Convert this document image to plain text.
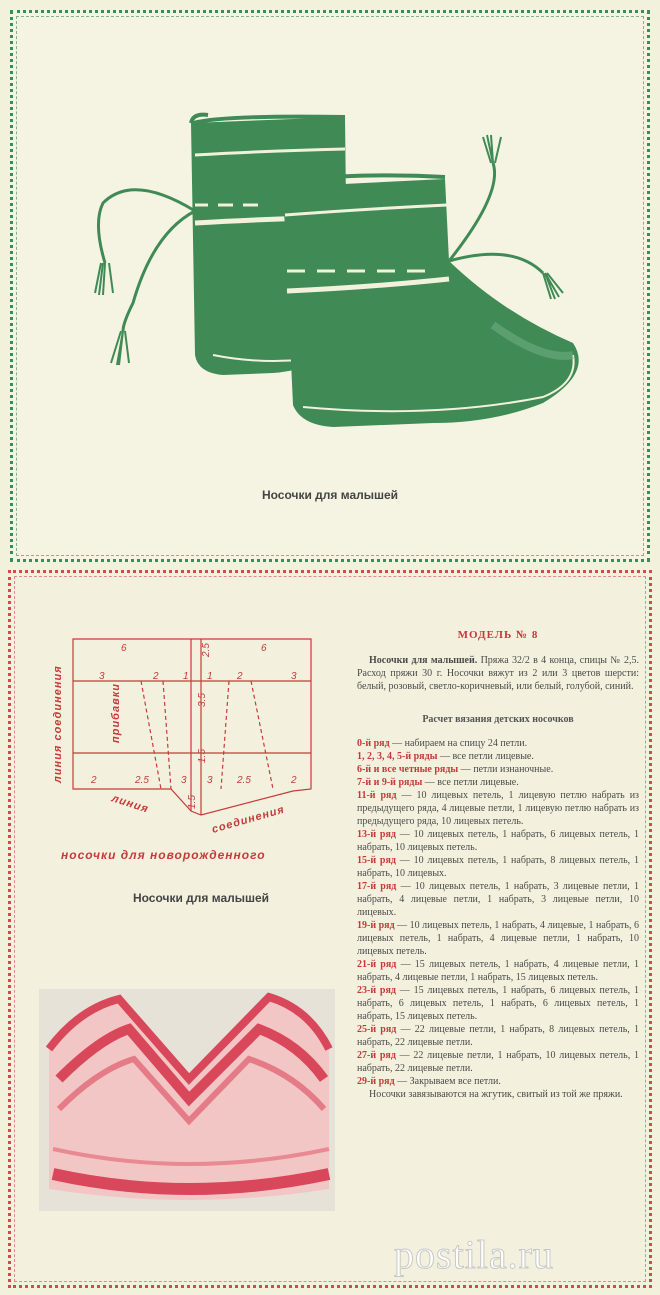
Носочки для малышей
6	2.5	6
3	2 1 1 2	3
3.5
1.5
1.5
2	2.5	3 3 2.5	2
линия соединения	прибавки
линия	соединения
носочки для новорожденного
Носочки для малышей
МОДЕЛЬ № 8

Носочки для малышей. Пряжа 32/2 в 4 конца, спицы № 2,5. Расход пряжи 30 г. Носочки вяжут из 2 или 3 цветов шерсти: белый, розовый, светло-коричневый, или белый, голубой, синий.

Расчет вязания детских носочков

0-й ряд — набираем на спицу 24 петли.

1, 2, 3, 4, 5-й ряды — все петли лицевые.

6-й и все четные ряды — петли изнаночные.

7-й и 9-й ряды — все петли лицевые.

11-й ряд — 10 лицевых петель, 1 лицевую петлю набрать из предыдущего ряда, 4 лицевые петли, 1 лицевую петлю набрать из предыдущего ряда, 10 лицевых петель.

13-й ряд — 10 лицевых петель, 1 набрать, 6 лицевых петель, 1 набрать, 10 лицевых петель.

15-й ряд — 10 лицевых петель, 1 набрать, 8 лицевых петель, 1 набрать, 10 лицевых.

17-й ряд — 10 лицевых петель, 1 набрать, 3 лицевые петли, 1 набрать, 4 лицевые петли, 1 набрать, 3 лицевые петли, 10 лицевых.

19-й ряд — 10 лицевых петель, 1 набрать, 4 лицевые, 1 набрать, 6 лицевых петель, 1 набрать, 4 лицевые петли, 1 набрать, 10 лицевых петель.

21-й ряд — 15 лицевых петель, 1 набрать, 4 лицевые петли, 1 набрать, 4 лицевые петли, 1 набрать, 15 лицевых петель.

23-й ряд — 15 лицевых петель, 1 набрать, 6 лицевых петель, 1 набрать, 6 лицевых петель, 1 набрать, 6 лицевых петель, 1 набрать, 15 лицевых петель.

25-й ряд — 22 лицевые петли, 1 набрать, 8 лицевых петель, 1 набрать, 22 лицевые петли.

27-й ряд — 22 лицевые петли, 1 набрать, 10 лицевых петель, 1 набрать, 22 лицевые петли.

29-й ряд — Закрываем все петли.

Носочки завязываются на жгутик, свитый из той же пряжи.

postila.ru
